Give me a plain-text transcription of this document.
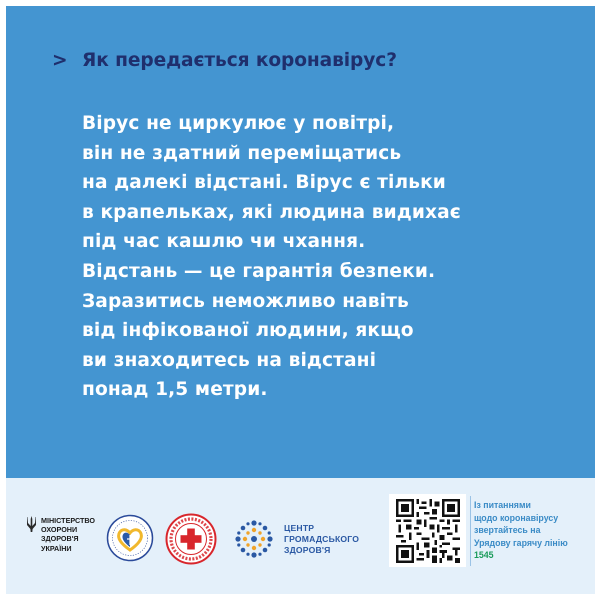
> Як передається коронавірус?
Вірус не циркулює у повітрі,
він не здатний переміщатись
на далекі відстані. Вірус є тільки
в крапельках, які людина видихає
під час кашлю чи чхання.
Відстань — це гарантія безпеки.
Заразитись неможливо навіть
від інфікованої людини, якщо
ви знаходитесь на відстані
понад 1,5 метри.
МІНІСТЕРСТВО
ОХОРОНИ
ЗДОРОВ'Я
УКРАЇНИ
ЦЕНТР
ГРОМАДСЬКОГО
ЗДОРОВ'Я
Із питаннями
щодо коронавірусу
звертайтесь на
Урядову гарячу лінію
1545
